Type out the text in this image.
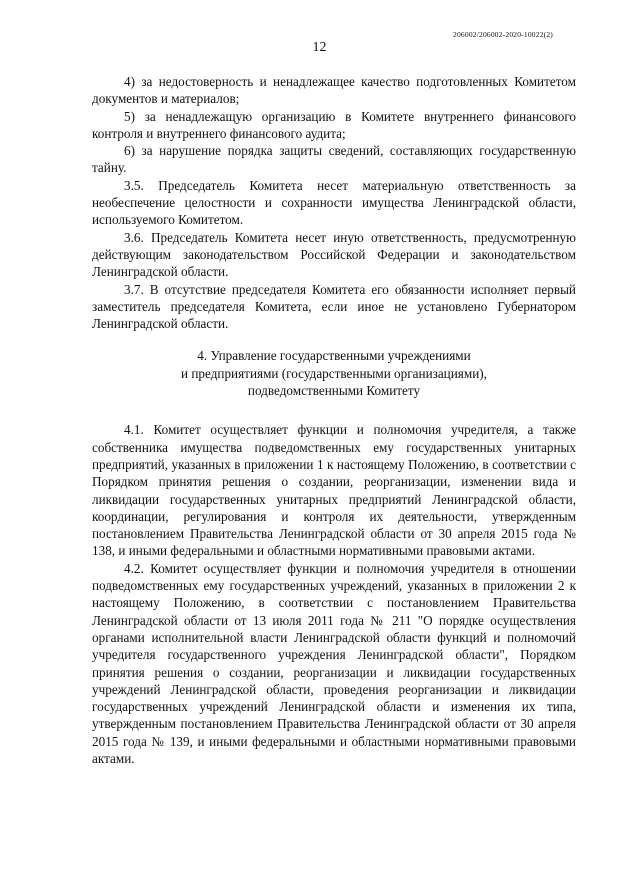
206002/206002-2020-10022(2)
12

4) за недостоверность и ненадлежащее качество подготовленных Комитетом документов и материалов;

5) за ненадлежащую организацию в Комитете внутреннего финансового контроля и внутреннего финансового аудита;

6) за нарушение порядка защиты сведений, составляющих государственную тайну.

3.5. Председатель Комитета несет материальную ответственность за необеспечение целостности и сохранности имущества Ленинградской области, используемого Комитетом.

3.6. Председатель Комитета несет иную ответственность, предусмотренную действующим законодательством Российской Федерации и законодательством Ленинградской области.

3.7. В отсутствие председателя Комитета его обязанности исполняет первый заместитель председателя Комитета, если иное не установлено Губернатором Ленинградской области.

4. Управление государственными учреждениями
и предприятиями (государственными организациями),
подведомственными Комитету

4.1. Комитет осуществляет функции и полномочия учредителя, а также собственника имущества подведомственных ему государственных унитарных предприятий, указанных в приложении 1 к настоящему Положению, в соответствии с Порядком принятия решения о создании, реорганизации, изменении вида и ликвидации государственных унитарных предприятий Ленинградской области, координации, регулирования и контроля их деятельности, утвержденным постановлением Правительства Ленинградской области от 30 апреля 2015 года № 138, и иными федеральными и областными нормативными правовыми актами.

4.2. Комитет осуществляет функции и полномочия учредителя в отношении подведомственных ему государственных учреждений, указанных в приложении 2 к настоящему Положению, в соответствии с постановлением Правительства Ленинградской области от 13 июля 2011 года № 211 "О порядке осуществления органами исполнительной власти Ленинградской области функций и полномочий учредителя государственного учреждения Ленинградской области", Порядком принятия решения о создании, реорганизации и ликвидации государственных учреждений Ленинградской области, проведения реорганизации и ликвидации государственных учреждений Ленинградской области и изменения их типа, утвержденным постановлением Правительства Ленинградской области от 30 апреля 2015 года № 139, и иными федеральными и областными нормативными правовыми актами.
